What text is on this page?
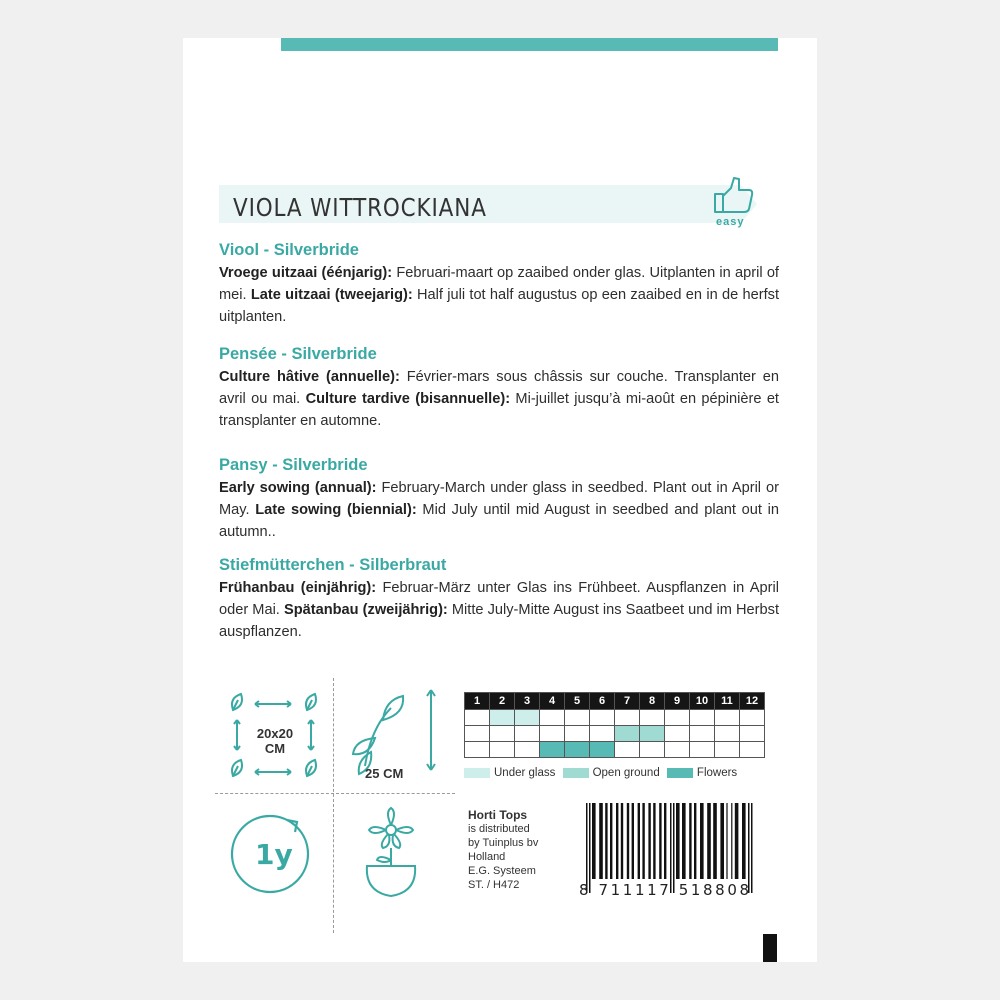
VIOLA WITTROCKIANA	easy
Viool - Silverbride

Vroege uitzaai (éénjarig): Februari-maart op zaaibed onder glas. Uitplanten in april of mei. Late uitzaai (tweejarig): Half juli tot half augustus op een zaaibed en in de herfst uitplanten.

Pensée - Silverbride

Culture hâtive (annuelle): Février-mars sous châssis sur couche. Transplanter en avril ou mai. Culture tardive (bisannuelle): Mi-juillet jusqu’à mi-août en pépinière et transplanter en automne.

Pansy - Silverbride

Early sowing (annual): February-March under glass in seedbed. Plant out in April or May. Late sowing (biennial): Mid July until mid August in seedbed and plant out in autumn..

Stiefmütterchen - Silberbraut

Frühanbau (einjährig): Februar-März unter Glas ins Frühbeet. Auspflanzen in April oder Mai. Spätanbau (zweijährig): Mitte July-Mitte August ins Saatbeet und im Herbst auspflanzen.

20x20
CM
25 CM
1y
1	2	3	4	5	6	7	8	9	10	11	12

Under glass
	Open ground
	Flowers
Horti Tops
is distributed
by Tuinplus bv
Holland
E.G. Systeem
ST. / H472	8 711117 518808
